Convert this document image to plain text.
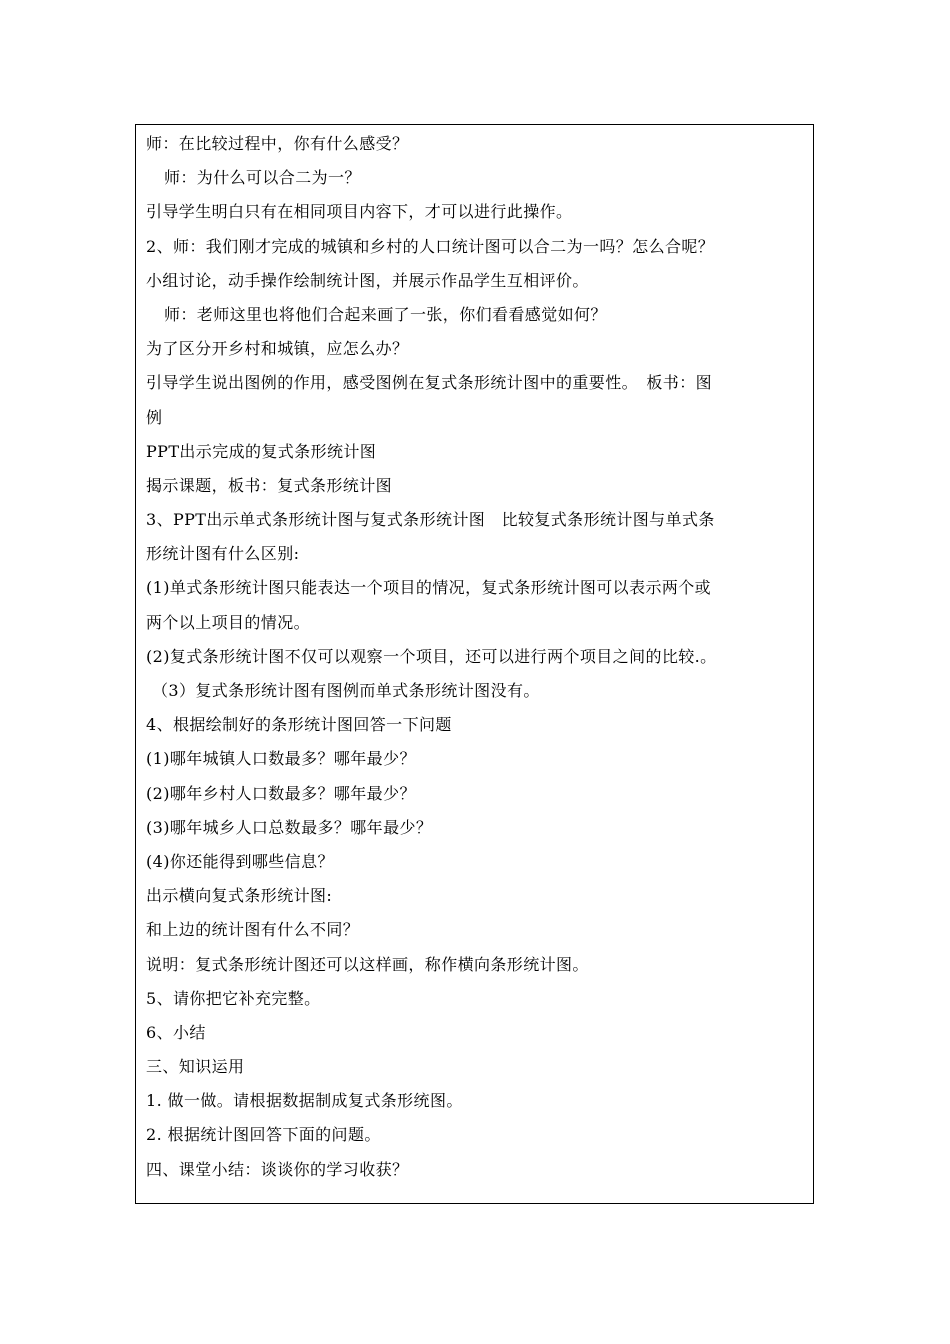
师：在比较过程中，你有什么感受？
师：为什么可以合二为一？
引导学生明白只有在相同项目内容下，才可以进行此操作。
2、师：我们刚才完成的城镇和乡村的人口统计图可以合二为一吗？怎么合呢？
小组讨论，动手操作绘制统计图，并展示作品学生互相评价。
师：老师这里也将他们合起来画了一张，你们看看感觉如何？
为了区分开乡村和城镇，应怎么办？
引导学生说出图例的作用，感受图例在复式条形统计图中的重要性。　板书：图
例
PPT出示完成的复式条形统计图
揭示课题，板书：复式条形统计图
3、PPT出示单式条形统计图与复式条形统计图　比较复式条形统计图与单式条
形统计图有什么区别:
(1)单式条形统计图只能表达一个项目的情况，复式条形统计图可以表示两个或
两个以上项目的情况。
(2)复式条形统计图不仅可以观察一个项目，还可以进行两个项目之间的比较.。
（3）复式条形统计图有图例而单式条形统计图没有。
4、根据绘制好的条形统计图回答一下问题
(1)哪年城镇人口数最多？哪年最少？
(2)哪年乡村人口数最多？哪年最少？
(3)哪年城乡人口总数最多？哪年最少？
(4)你还能得到哪些信息？
出示横向复式条形统计图:
和上边的统计图有什么不同？
说明：复式条形统计图还可以这样画，称作横向条形统计图。
5、请你把它补充完整。
6、小结
三、知识运用
1. 做一做。请根据数据制成复式条形统图。
2. 根据统计图回答下面的问题。
四、课堂小结：谈谈你的学习收获？
